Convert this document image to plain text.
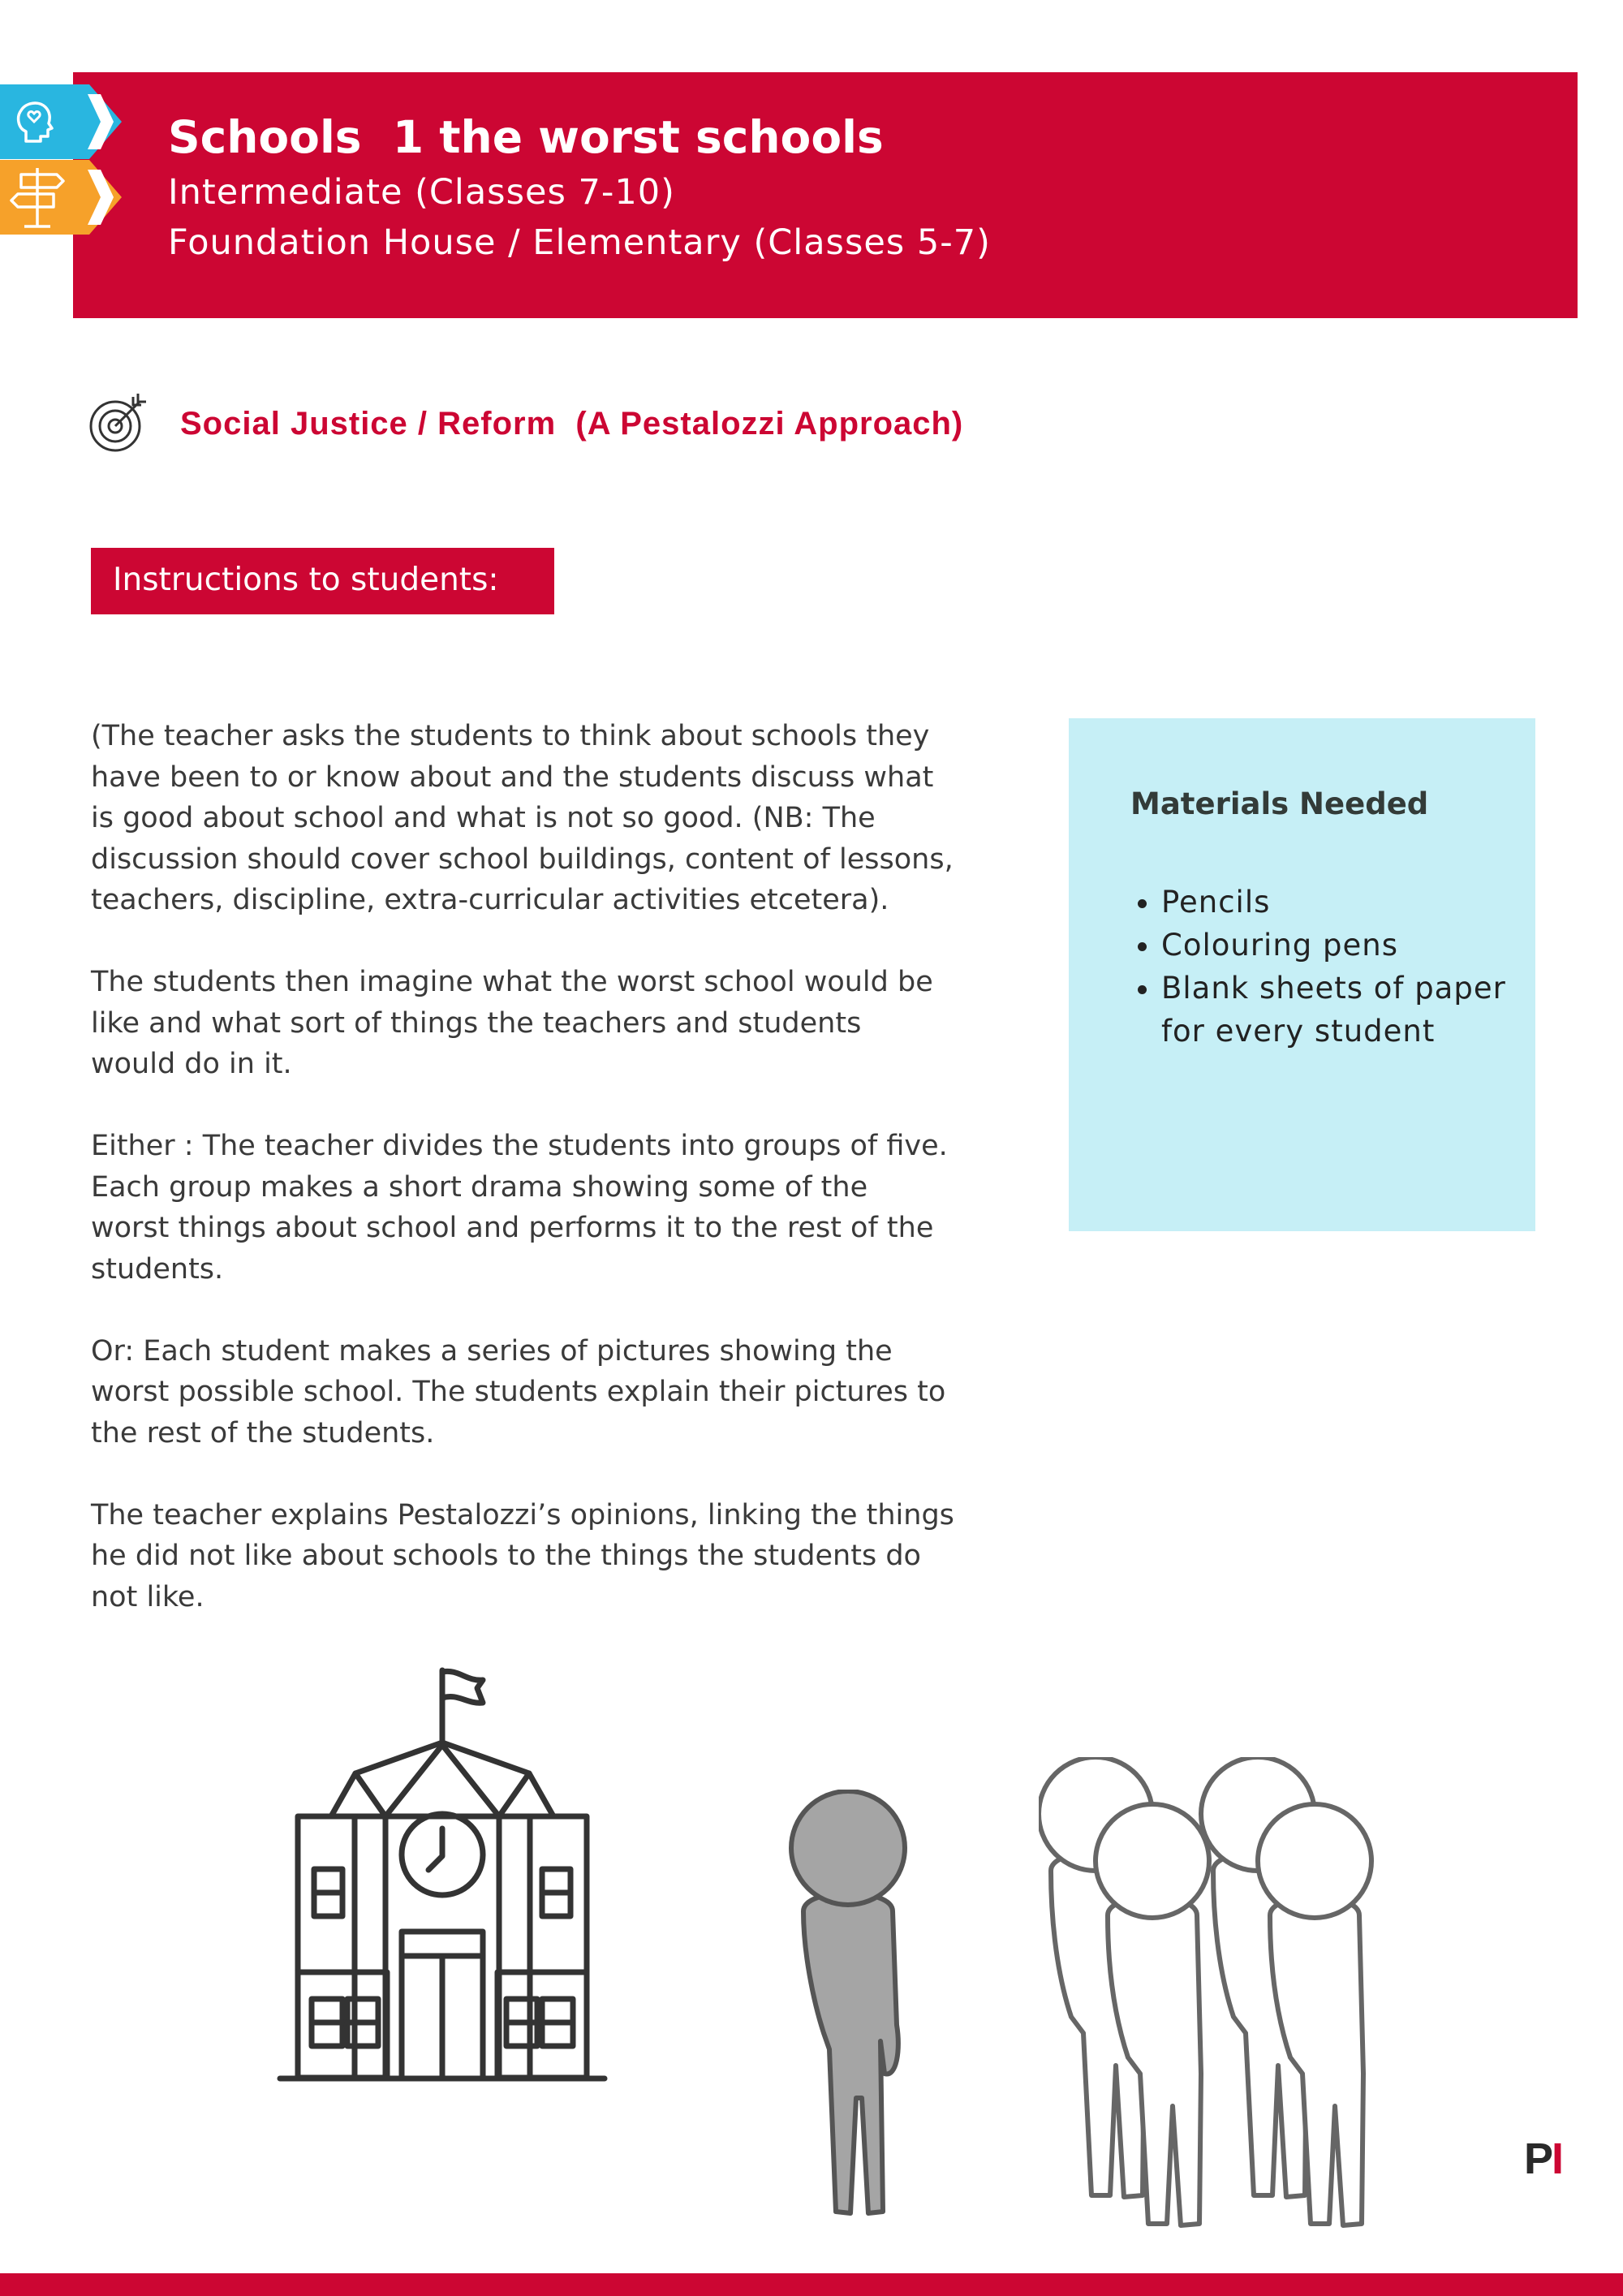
Schools  1 the worst schools
Intermediate (Classes 7-10)
Foundation House / Elementary (Classes 5-7)
Social Justice / Reform  (A Pestalozzi Approach)
Instructions to students:

(The teacher asks the students to think about schools they
have been to or know about and the students discuss what
is good about school and what is not so good. (NB: The
discussion should cover school buildings, content of lessons,
teachers, discipline, extra-curricular activities etcetera).

The students then imagine what the worst school would be
like and what sort of things the teachers and students
would do in it.

Either : The teacher divides the students into groups of five.
Each group makes a short drama showing some of the
worst things about school and performs it to the rest of the
students.

Or: Each student makes a series of pictures showing the
worst possible school. The students explain their pictures to
the rest of the students.

The teacher explains Pestalozzi’s opinions, linking the things
he did not like about schools to the things the students do
not like.

Materials Needed
• Pencils
• Colouring pens
• Blank sheets of paper for every student
PI
